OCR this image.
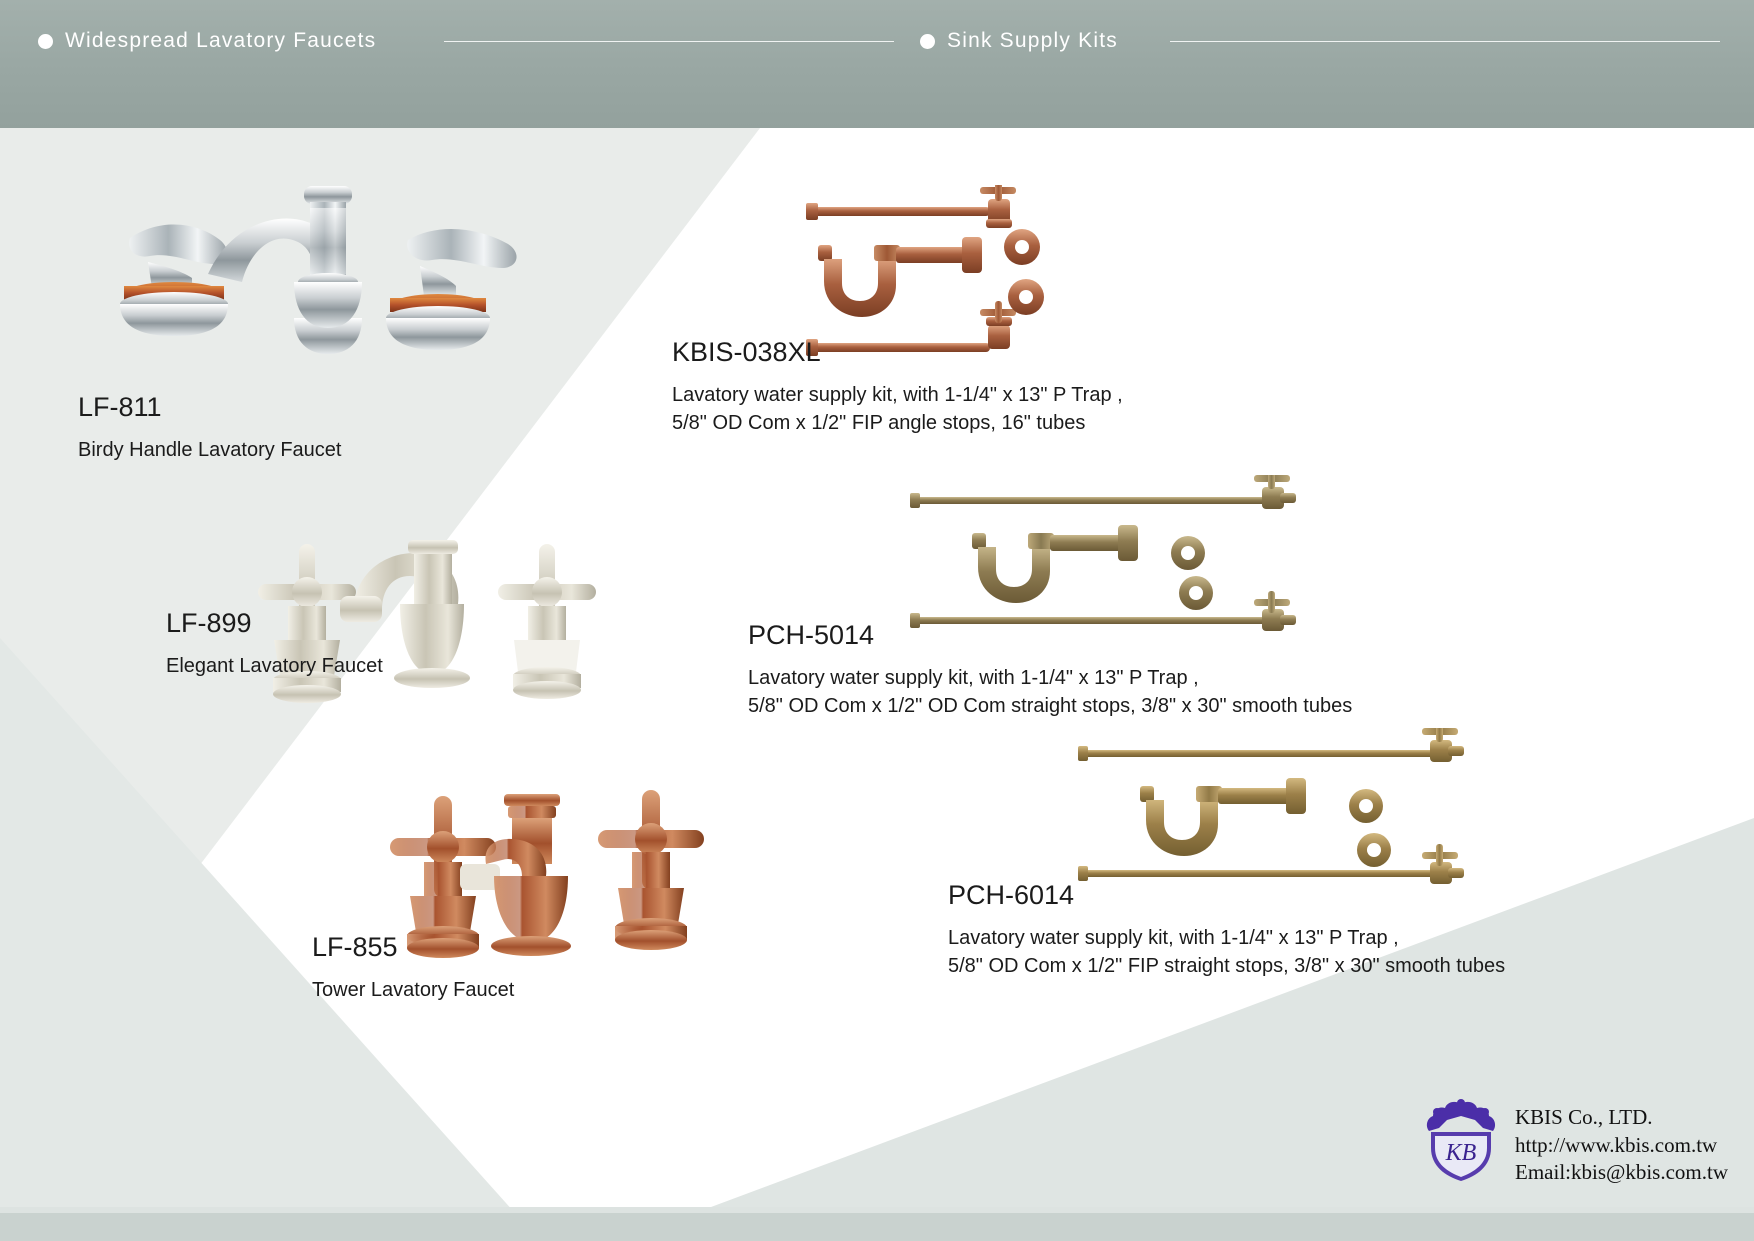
Widespread Lavatory Faucets	Sink Supply Kits
LF-811
Birdy Handle Lavatory Faucet
LF-899
Elegant Lavatory Faucet
LF-855
Tower Lavatory Faucet
KBIS-038XL
Lavatory water supply kit, with 1-1/4" x 13" P Trap ,
5/8" OD Com x 1/2" FIP angle stops, 16" tubes
PCH-5014
Lavatory water supply kit, with 1-1/4" x 13" P Trap ,
5/8" OD Com x 1/2" OD Com straight stops, 3/8" x 30" smooth tubes
PCH-6014
Lavatory water supply kit, with 1-1/4" x 13" P Trap ,
5/8" OD Com x 1/2" FIP straight stops, 3/8" x 30" smooth tubes
KB
KBIS Co., LTD.
http://www.kbis.com.tw
Email:kbis@kbis.com.tw
